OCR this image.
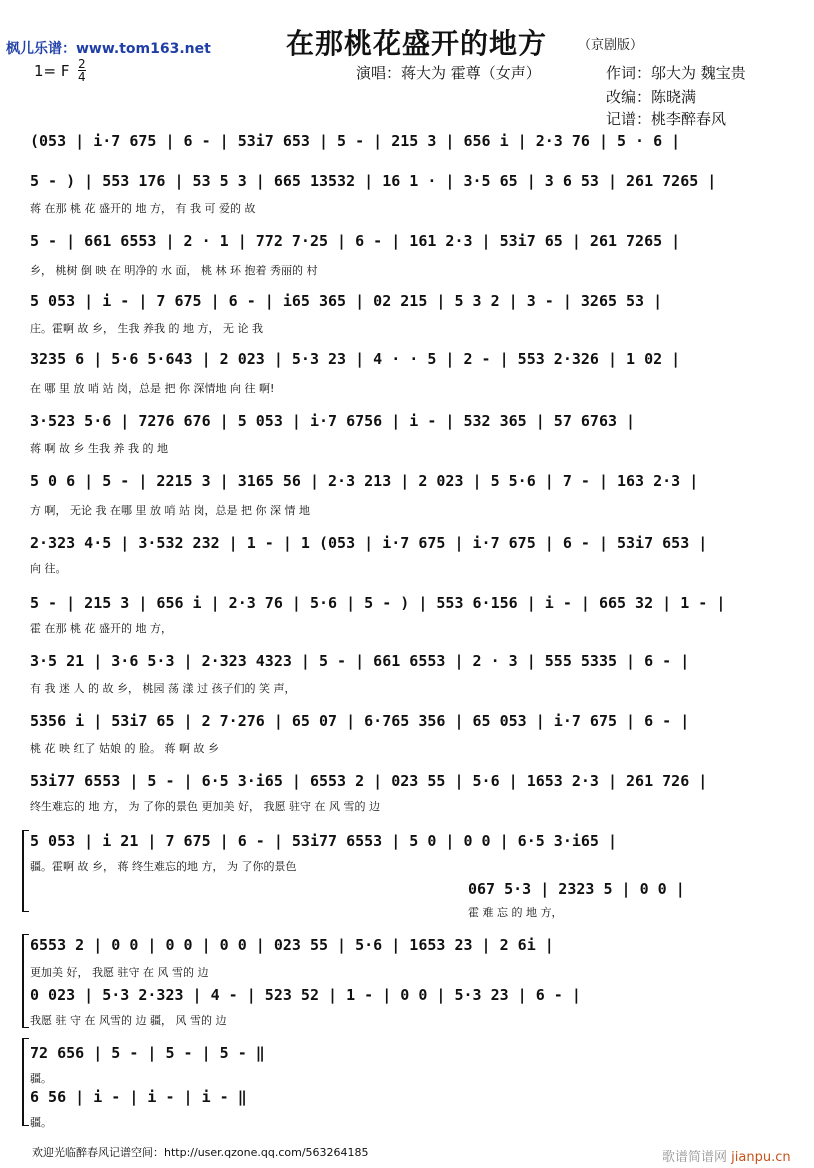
枫儿乐谱：www.tom163.net	在那桃花盛开的地方 （京剧版）
1= F $\frac{2}{4}$	演唱：蒋大为 霍尊（女声）	作词：邬大为 魏宝贵
改编：陈晓满
记谱：桃李醉春风
(053 | i·7 675 | 6 - | 53i7 653 | 5 - | 215 3 | 656 i | 2·3 76 | 5 · 6 |
5 - ) | 553 176 | 53 5 3 | 665 13532 | 16 1 · | 3·5 65 | 3 6 53 | 261 7265 |
蒋 在那 桃 花 盛开的 地 方， 有 我 可 爱的 故
5 - | 661 6553 | 2 · 1 | 772 7·25 | 6 - | 161 2·3 | 53i7 65 | 261 7265 |
乡， 桃树 倒 映 在 明净的 水 面， 桃 林 环 抱着 秀丽的 村
5 053 | i - | 7 675 | 6 - | i65 365 | 02 215 | 5 3 2 | 3 - | 3265 53 |
庄。霍啊 故 乡， 生我 养我 的 地 方， 无 论 我
3235 6 | 5·6 5·643 | 2 023 | 5·3 23 | 4 · · 5 | 2 - | 553 2·326 | 1 02 |
在 哪 里 放 哨 站 岗，总是 把 你 深情地 向 往 啊!
3·523 5·6 | 7276 676 | 5 053 | i·7 6756 | i - | 532 365 | 57 6763 |
蒋 啊 故 乡 生我 养 我 的 地
5 0 6 | 5 - | 2215 3 | 3165 56 | 2·3 213 | 2 023 | 5 5·6 | 7 - | 163 2·3 |
方 啊， 无论 我 在哪 里 放 哨 站 岗，总是 把 你 深 情 地
2·323 4·5 | 3·532 232 | 1 - | 1 (053 | i·7 675 | i·7 675 | 6 - | 53i7 653 |
向 往。
5 - | 215 3 | 656 i | 2·3 76 | 5·6 | 5 - ) | 553 6·156 | i - | 665 32 | 1 - |
霍 在那 桃 花 盛开的 地 方，
3·5 21 | 3·6 5·3 | 2·323 4323 | 5 - | 661 6553 | 2 · 3 | 555 5335 | 6 - |
有 我 迷 人 的 故 乡， 桃园 荡 漾 过 孩子们的 笑 声，
5356 i | 53i7 65 | 2 7·276 | 65 07 | 6·765 356 | 65 053 | i·7 675 | 6 - |
桃 花 映 红了 姑娘 的 脸。 蒋 啊 故 乡
53i77 6553 | 5 - | 6·5 3·i65 | 6553 2 | 023 55 | 5·6 | 1653 2·3 | 261 726 |
终生难忘的 地 方， 为 了你的景色 更加美 好， 我愿 驻守 在 风 雪的 边
5 053 | i 21 | 7 675 | 6 - | 53i77 6553 | 5 0 | 0 0 | 6·5 3·i65 |
疆。霍啊 故 乡， 蒋 终生难忘的地 方， 为 了你的景色
067 5·3 | 2323 5 | 0 0 |
霍 难 忘 的 地 方，
6553 2 | 0 0 | 0 0 | 0 0 | 023 55 | 5·6 | 1653 23 | 2 6i |
更加美 好， 我愿 驻守 在 风 雪的 边
0 023 | 5·3 2·323 | 4 - | 523 52 | 1 - | 0 0 | 5·3 23 | 6 - |
我愿 驻 守 在 风雪的 边 疆， 风 雪的 边
72 656 | 5 - | 5 - | 5 - ‖
疆。
6 56 | i - | i - | i - ‖
疆。
欢迎光临醉春风记谱空间：http://user.qzone.qq.com/563264185	歌谱简谱网 jianpu.cn
